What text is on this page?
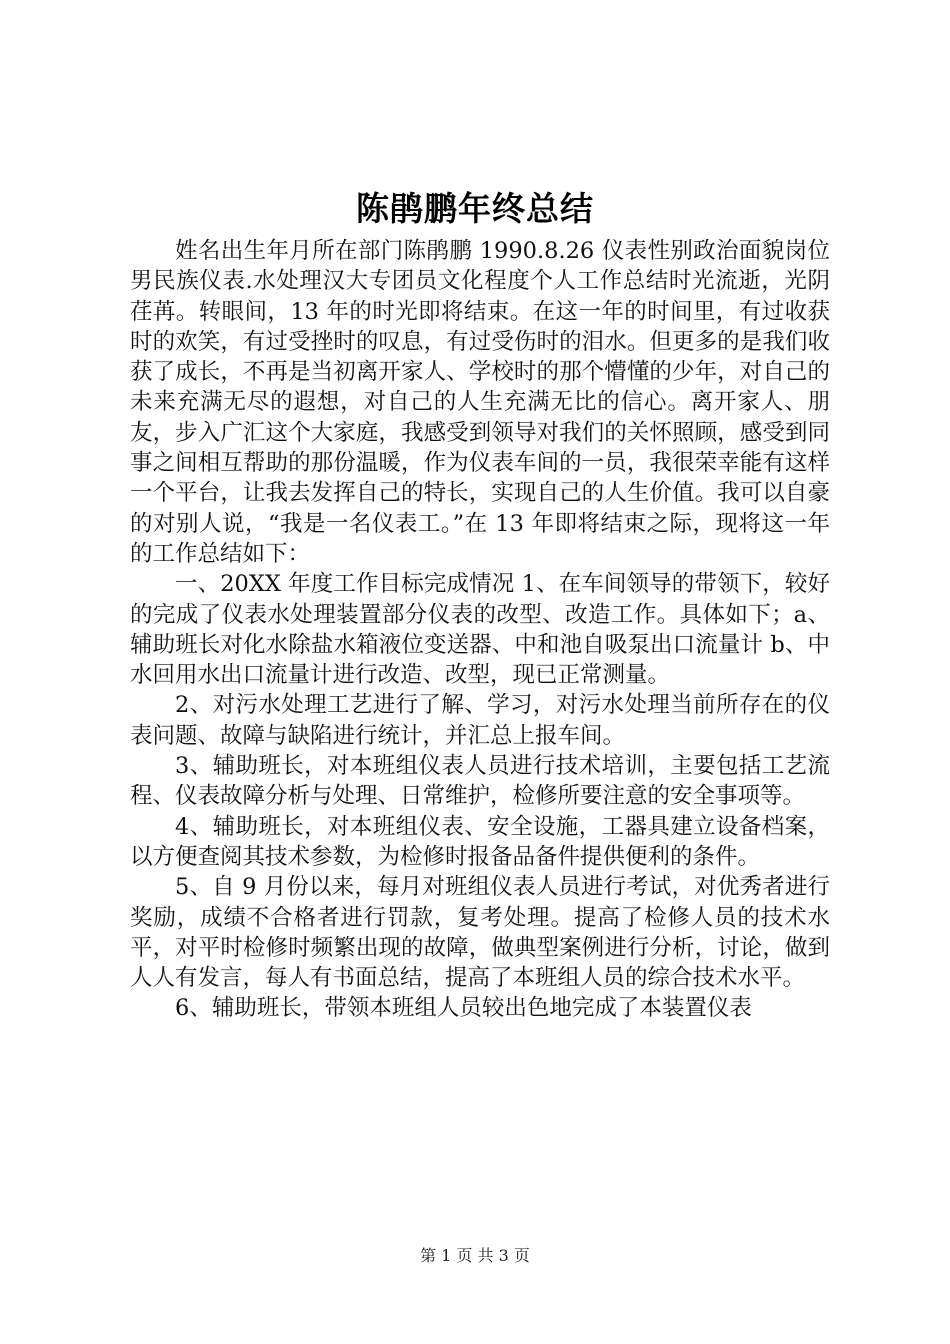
陈鹃鹏年终总结

姓名出生年月所在部门陈鹃鹏 1990.8.26 仪表性别政治面貌岗位男民族仪表.水处理汉大专团员文化程度个人工作总结时光流逝，光阴荏苒。转眼间，13 年的时光即将结束。在这一年的时间里，有过收获时的欢笑，有过受挫时的叹息，有过受伤时的泪水。但更多的是我们收获了成长，不再是当初离开家人、学校时的那个懵懂的少年，对自己的未来充满无尽的遐想，对自己的人生充满无比的信心。离开家人、朋友，步入广汇这个大家庭，我感受到领导对我们的关怀照顾，感受到同事之间相互帮助的那份温暖，作为仪表车间的一员，我很荣幸能有这样一个平台，让我去发挥自己的特长，实现自己的人生价值。我可以自豪的对别人说，“我是一名仪表工。”在 13 年即将结束之际，现将这一年的工作总结如下：

一、20XX 年度工作目标完成情况 1、在车间领导的带领下，较好的完成了仪表水处理装置部分仪表的改型、改造工作。具体如下；a、辅助班长对化水除盐水箱液位变送器、中和池自吸泵出口流量计 b、中水回用水出口流量计进行改造、改型，现已正常测量。

2、对污水处理工艺进行了解、学习，对污水处理当前所存在的仪表问题、故障与缺陷进行统计，并汇总上报车间。

3、辅助班长，对本班组仪表人员进行技术培训，主要包括工艺流程、仪表故障分析与处理、日常维护，检修所要注意的安全事项等。

4、辅助班长，对本班组仪表、安全设施，工器具建立设备档案，以方便查阅其技术参数，为检修时报备品备件提供便利的条件。

5、自 9 月份以来，每月对班组仪表人员进行考试，对优秀者进行奖励，成绩不合格者进行罚款，复考处理。提高了检修人员的技术水平，对平时检修时频繁出现的故障，做典型案例进行分析，讨论，做到人人有发言，每人有书面总结，提高了本班组人员的综合技术水平。

6、辅助班长，带领本班组人员较出色地完成了本装置仪表

第 1 页 共 3 页
